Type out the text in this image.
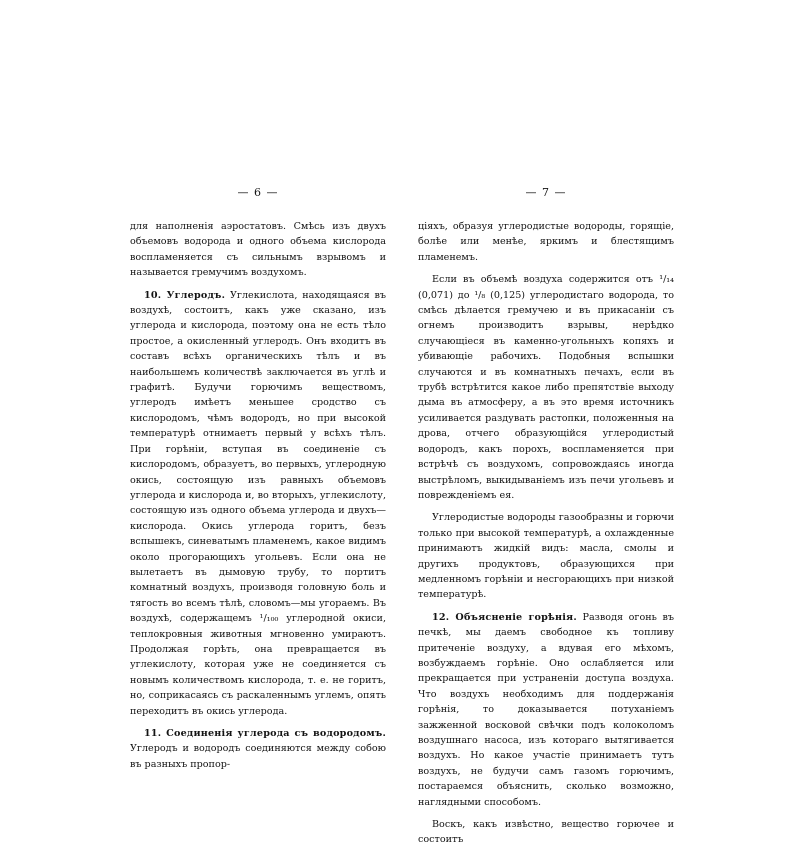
— 6 —

для наполненія аэростатовъ. Смѣсь изъ двухъ объемовъ водорода и одного объема кислорода воспламеняется съ сильнымъ взрывомъ и называется гремучимъ воздухомъ.

10. Углеродъ. Углекислота, находящаяся въ воздухѣ, состоитъ, какъ уже сказано, изъ углерода и кислорода, поэтому она не есть тѣло простое, а окисленный углеродъ. Онъ входитъ въ составъ всѣхъ органическихъ тѣлъ и въ наибольшемъ количествѣ заключается въ углѣ и графитѣ. Будучи горючимъ веществомъ, углеродъ имѣетъ меньшее сродство съ кислородомъ, чѣмъ водородъ, но при высокой температурѣ отнимаетъ первый у всѣхъ тѣлъ. При горѣніи, вступая въ соединеніе съ кислородомъ, образуетъ, во первыхъ, углеродную окись, состоящую изъ равныхъ объемовъ углерода и кислорода и, во вторыхъ, углекислоту, состоящую изъ одного объема углерода и двухъ—кислорода. Окись углерода горитъ, безъ вспышекъ, синеватымъ пламенемъ, какое видимъ около прогорающихъ угольевъ. Если она не вылетаетъ въ дымовую трубу, то портитъ комнатный воздухъ, производя головную боль и тягость во всемъ тѣлѣ, словомъ—мы угораемъ. Въ воздухѣ, содержащемъ ¹/₁₀₀ углеродной окиси, теплокровныя животныя мгновенно умираютъ. Продолжая горѣть, она превращается въ углекислоту, которая уже не соединяется съ новымъ количествомъ кислорода, т. е. не горитъ, но, соприкасаясь съ раскаленнымъ углемъ, опять переходитъ въ окись углерода.

11. Соединенія углерода съ водородомъ. Углеродъ и водородъ соединяются между собою въ разныхъ пропор-

— 7 —

ціяхъ, образуя углеродистые водороды, горящіе, болѣе или менѣе, яркимъ и блестящимъ пламенемъ.

Если въ объемѣ воздуха содержится отъ ¹/₁₄ (0,071) до ¹/₈ (0,125) углеродистаго водорода, то смѣсь дѣлается гремучею и въ прикасаніи съ огнемъ производитъ взрывы, нерѣдко случающіеся въ каменно-угольныхъ копяхъ и убивающіе рабочихъ. Подобныя вспышки случаются и въ комнатныхъ печахъ, если въ трубѣ встрѣтится какое либо препятствіе выходу дыма въ атмосферу, а въ это время источникъ усиливается раздувать растопки, положенныя на дрова, отчего образующійся углеродистый водородъ, какъ порохъ, воспламеняется при встрѣчѣ съ воздухомъ, сопровождаясь иногда выстрѣломъ, выкидываніемъ изъ печи угольевъ и поврежденіемъ ея.

Углеродистые водороды газообразны и горючи только при высокой температурѣ, а охлажденные принимаютъ жидкій видъ: масла, смолы и другихъ продуктовъ, образующихся при медленномъ горѣніи и несгорающихъ при низкой температурѣ.

12. Объясненіе горѣнія. Разводя огонь въ печкѣ, мы даемъ свободное къ топливу притеченіе воздуху, а вдувая его мѣхомъ, возбуждаемъ горѣніе. Оно ослабляется или прекращается при устраненіи доступа воздуха. Что воздухъ необходимъ для поддержанія горѣнія, то доказывается потуханіемъ зажженной восковой свѣчки подъ колоколомъ воздушнаго насоса, изъ котораго вытягивается воздухъ. Но какое участіе принимаетъ тутъ воздухъ, не будучи самъ газомъ горючимъ, постараемся объяснить, сколько возможно, наглядными способомъ.

Воскъ, какъ извѣстно, вещество горючее и состоитъ
